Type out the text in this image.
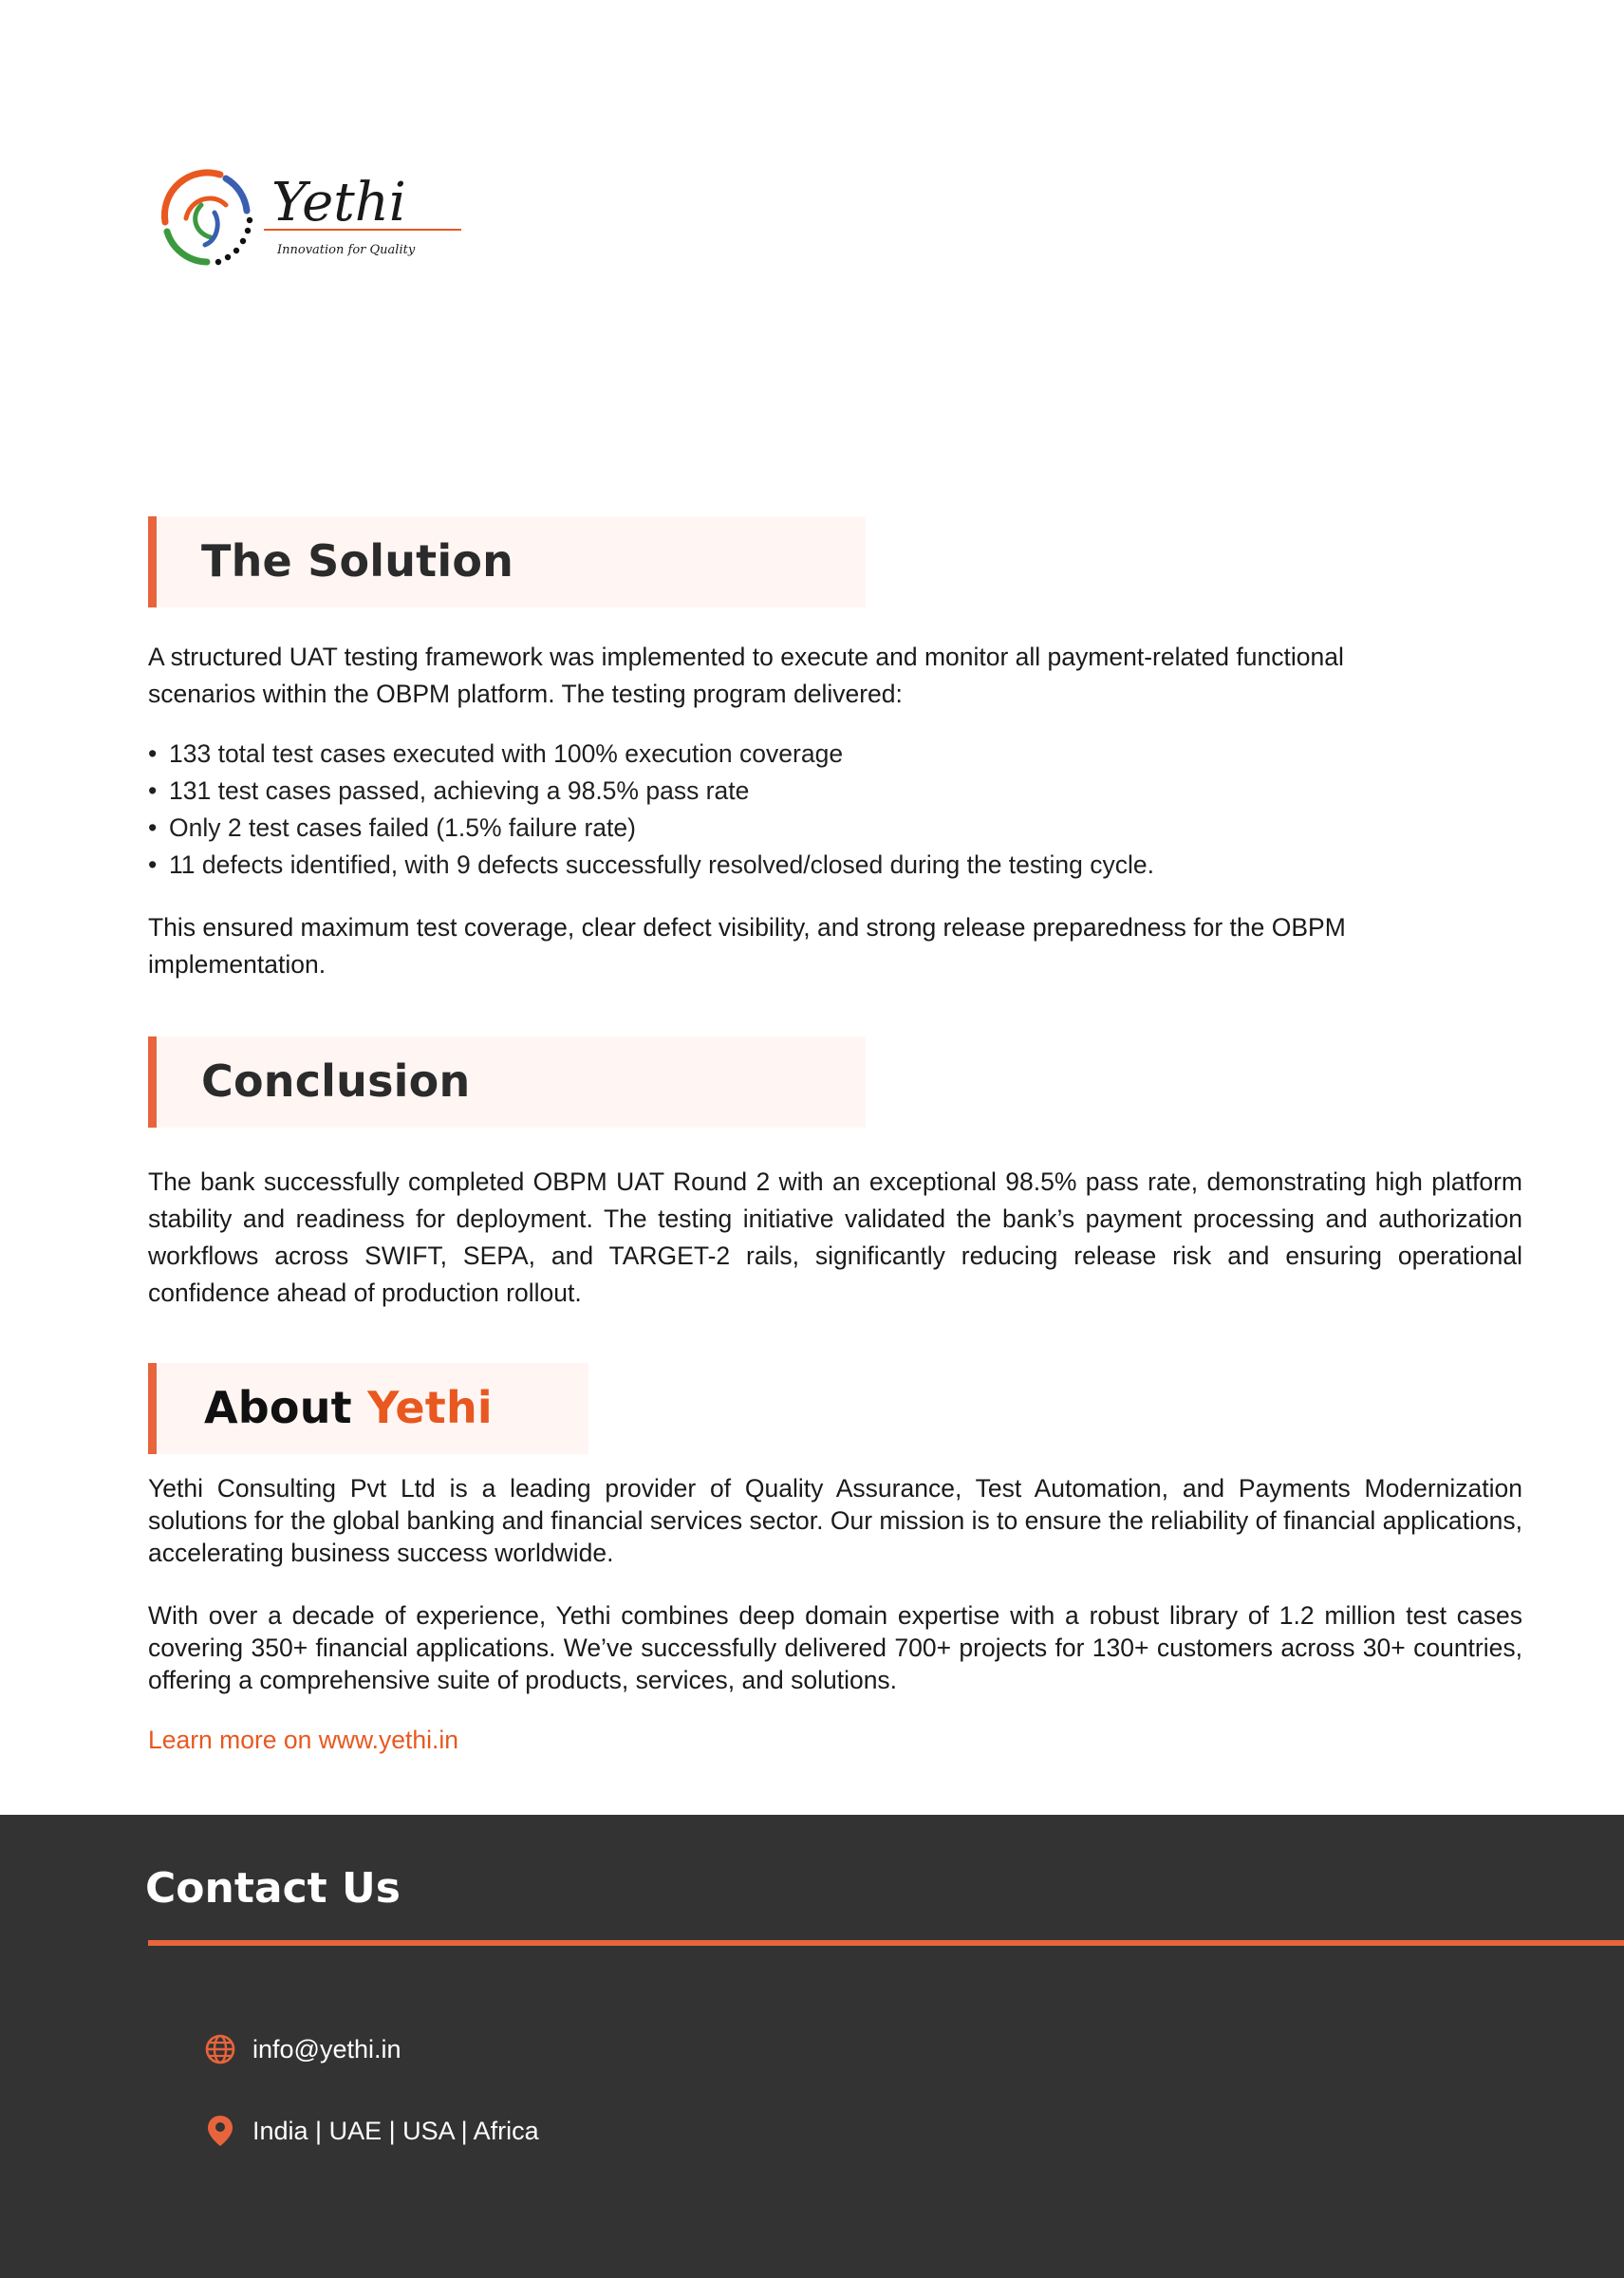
Yethi
Innovation for Quality
The Solution

A structured UAT testing framework was implemented to execute and monitor all payment-related functional scenarios within the OBPM platform. The testing program delivered:

• 133 total test cases executed with 100% execution coverage
• 131 test cases passed, achieving a 98.5% pass rate
• Only 2 test cases failed (1.5% failure rate)
• 11 defects identified, with 9 defects successfully resolved/closed during the testing cycle.

This ensured maximum test coverage, clear defect visibility, and strong release preparedness for the OBPM implementation.

Conclusion

The bank successfully completed OBPM UAT Round 2 with an exceptional 98.5% pass rate, demonstrating high platform stability and readiness for deployment. The testing initiative validated the bank’s payment processing and authorization workflows across SWIFT, SEPA, and TARGET-2 rails, significantly reducing release risk and ensuring operational confidence ahead of production rollout.

About Yethi

Yethi Consulting Pvt Ltd is a leading provider of Quality Assurance, Test Automation, and Payments Modernization solutions for the global banking and financial services sector. Our mission is to ensure the reliability of financial applications, accelerating business success worldwide.

With over a decade of experience, Yethi combines deep domain expertise with a robust library of 1.2 million test cases covering 350+ financial applications. We’ve successfully delivered 700+ projects for 130+ customers across 30+ countries, offering a comprehensive suite of products, services, and solutions.

Learn more on www.yethi.in
Contact Us
info@yethi.in
India | UAE | USA | Africa
